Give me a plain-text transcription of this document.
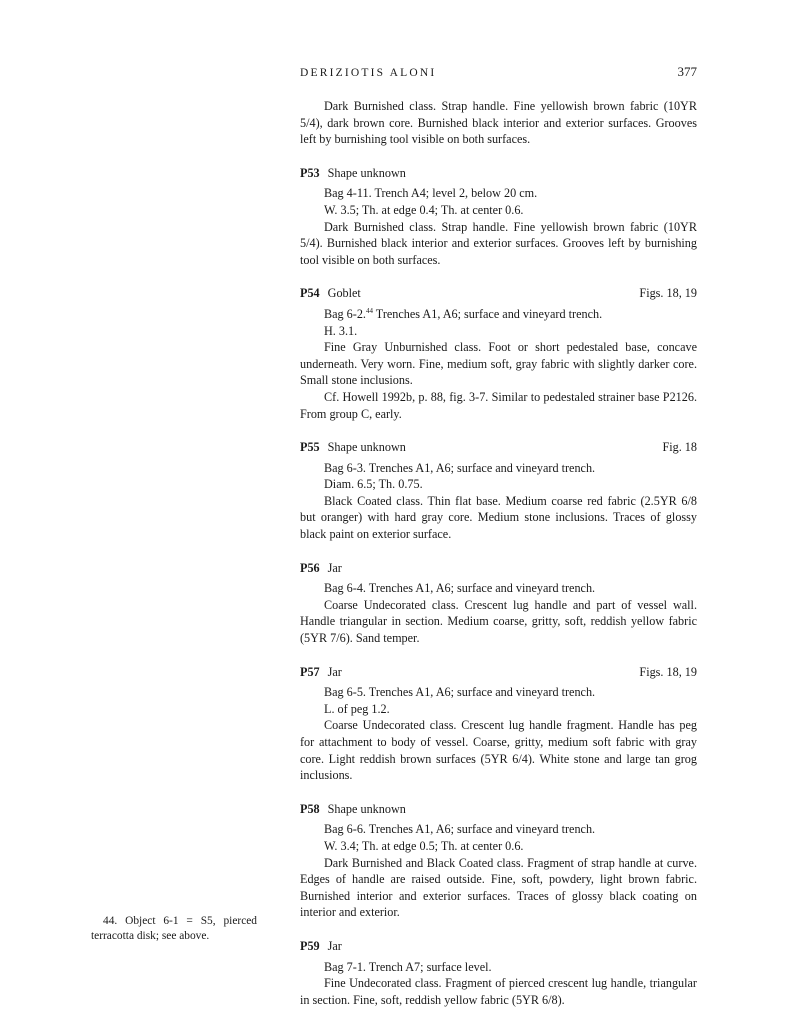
DERIZIOTIS ALONI	377

Dark Burnished class. Strap handle. Fine yellowish brown fabric (10YR 5/4), dark brown core. Burnished black interior and exterior surfaces. Grooves left by burnishing tool visible on both surfaces.

P53 Shape unknown

Bag 4-11. Trench A4; level 2, below 20 cm.

W. 3.5; Th. at edge 0.4; Th. at center 0.6.

Dark Burnished class. Strap handle. Fine yellowish brown fabric (10YR 5/4). Burnished black interior and exterior surfaces. Grooves left by burnishing tool visible on both surfaces.

P54 Goblet	Figs. 18, 19

Bag 6-2.44 Trenches A1, A6; surface and vineyard trench.

H. 3.1.

Fine Gray Unburnished class. Foot or short pedestaled base, concave underneath. Very worn. Fine, medium soft, gray fabric with slightly darker core. Small stone inclusions.

Cf. Howell 1992b, p. 88, fig. 3-7. Similar to pedestaled strainer base P2126. From group C, early.

P55 Shape unknown	Fig. 18

Bag 6-3. Trenches A1, A6; surface and vineyard trench.

Diam. 6.5; Th. 0.75.

Black Coated class. Thin flat base. Medium coarse red fabric (2.5YR 6/8 but oranger) with hard gray core. Medium stone inclusions. Traces of glossy black paint on exterior surface.

P56 Jar

Bag 6-4. Trenches A1, A6; surface and vineyard trench.

Coarse Undecorated class. Crescent lug handle and part of vessel wall. Handle triangular in section. Medium coarse, gritty, soft, reddish yellow fabric (5YR 7/6). Sand temper.

P57 Jar	Figs. 18, 19

Bag 6-5. Trenches A1, A6; surface and vineyard trench.

L. of peg 1.2.

Coarse Undecorated class. Crescent lug handle fragment. Handle has peg for attachment to body of vessel. Coarse, gritty, medium soft fabric with gray core. Light reddish brown surfaces (5YR 6/4). White stone and large tan grog inclusions.

P58 Shape unknown

Bag 6-6. Trenches A1, A6; surface and vineyard trench.

W. 3.4; Th. at edge 0.5; Th. at center 0.6.

Dark Burnished and Black Coated class. Fragment of strap handle at curve. Edges of handle are raised outside. Fine, soft, powdery, light brown fabric. Burnished interior and exterior surfaces. Traces of glossy black coating on interior and exterior.

P59 Jar

Bag 7-1. Trench A7; surface level.

Fine Undecorated class. Fragment of pierced crescent lug handle, triangular in section. Fine, soft, reddish yellow fabric (5YR 6/8).

44. Object 6-1 = S5, pierced terracotta disk; see above.
